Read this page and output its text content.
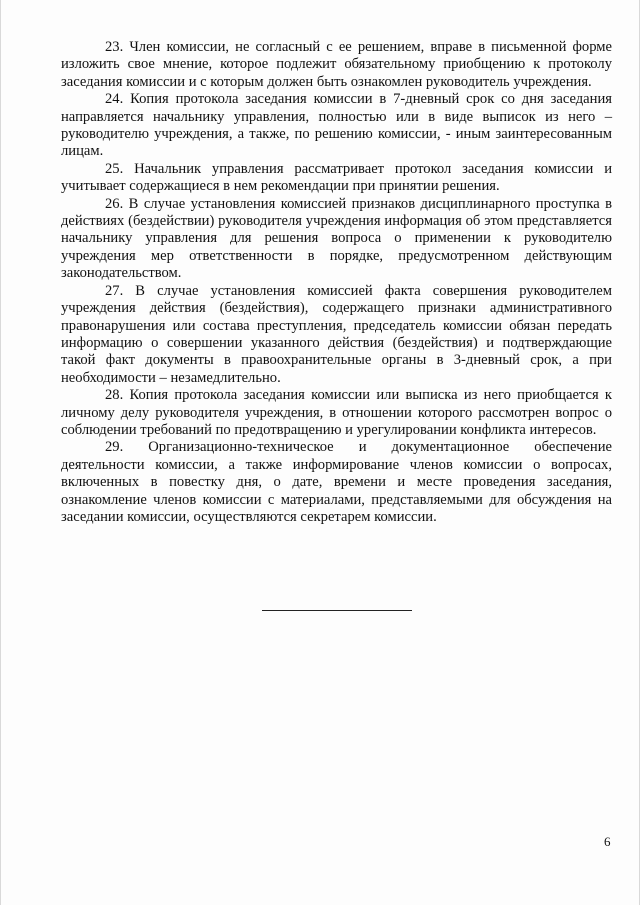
23. Член комиссии, не согласный с ее решением, вправе в письменной форме изложить свое мнение, которое подлежит обязательному приобщению к протоколу заседания комиссии и с которым должен быть ознакомлен руководитель учреждения.

24. Копия протокола заседания комиссии в 7-дневный срок со дня заседания направляется начальнику управления, полностью или в виде выписок из него – руководителю учреждения, а также, по решению комиссии, - иным заинтересованным лицам.

25. Начальник управления рассматривает протокол заседания комиссии и учитывает содержащиеся в нем рекомендации при принятии решения.

26. В случае установления комиссией признаков дисциплинарного проступка в действиях (бездействии) руководителя учреждения информация об этом представляется начальнику управления для решения вопроса о применении к руководителю учреждения мер ответственности в порядке, предусмотренном действующим законодательством.

27. В случае установления комиссией факта совершения руководителем учреждения действия (бездействия), содержащего признаки административного правонарушения или состава преступления, председатель комиссии обязан передать информацию о совершении указанного действия (бездействия) и подтверждающие такой факт документы в правоохранительные органы в 3-дневный срок, а при необходимости – незамедлительно.

28. Копия протокола заседания комиссии или выписка из него приобщается к личному делу руководителя учреждения, в отношении которого рассмотрен вопрос о соблюдении требований по предотвращению и урегулировании конфликта интересов.

29. Организационно-техническое и документационное обеспечение деятельности комиссии, а также информирование членов комиссии о вопросах, включенных в повестку дня, о дате, времени и месте проведения заседания, ознакомление членов комиссии с материалами, представляемыми для обсуждения на заседании комиссии, осуществляются секретарем комиссии.

6
